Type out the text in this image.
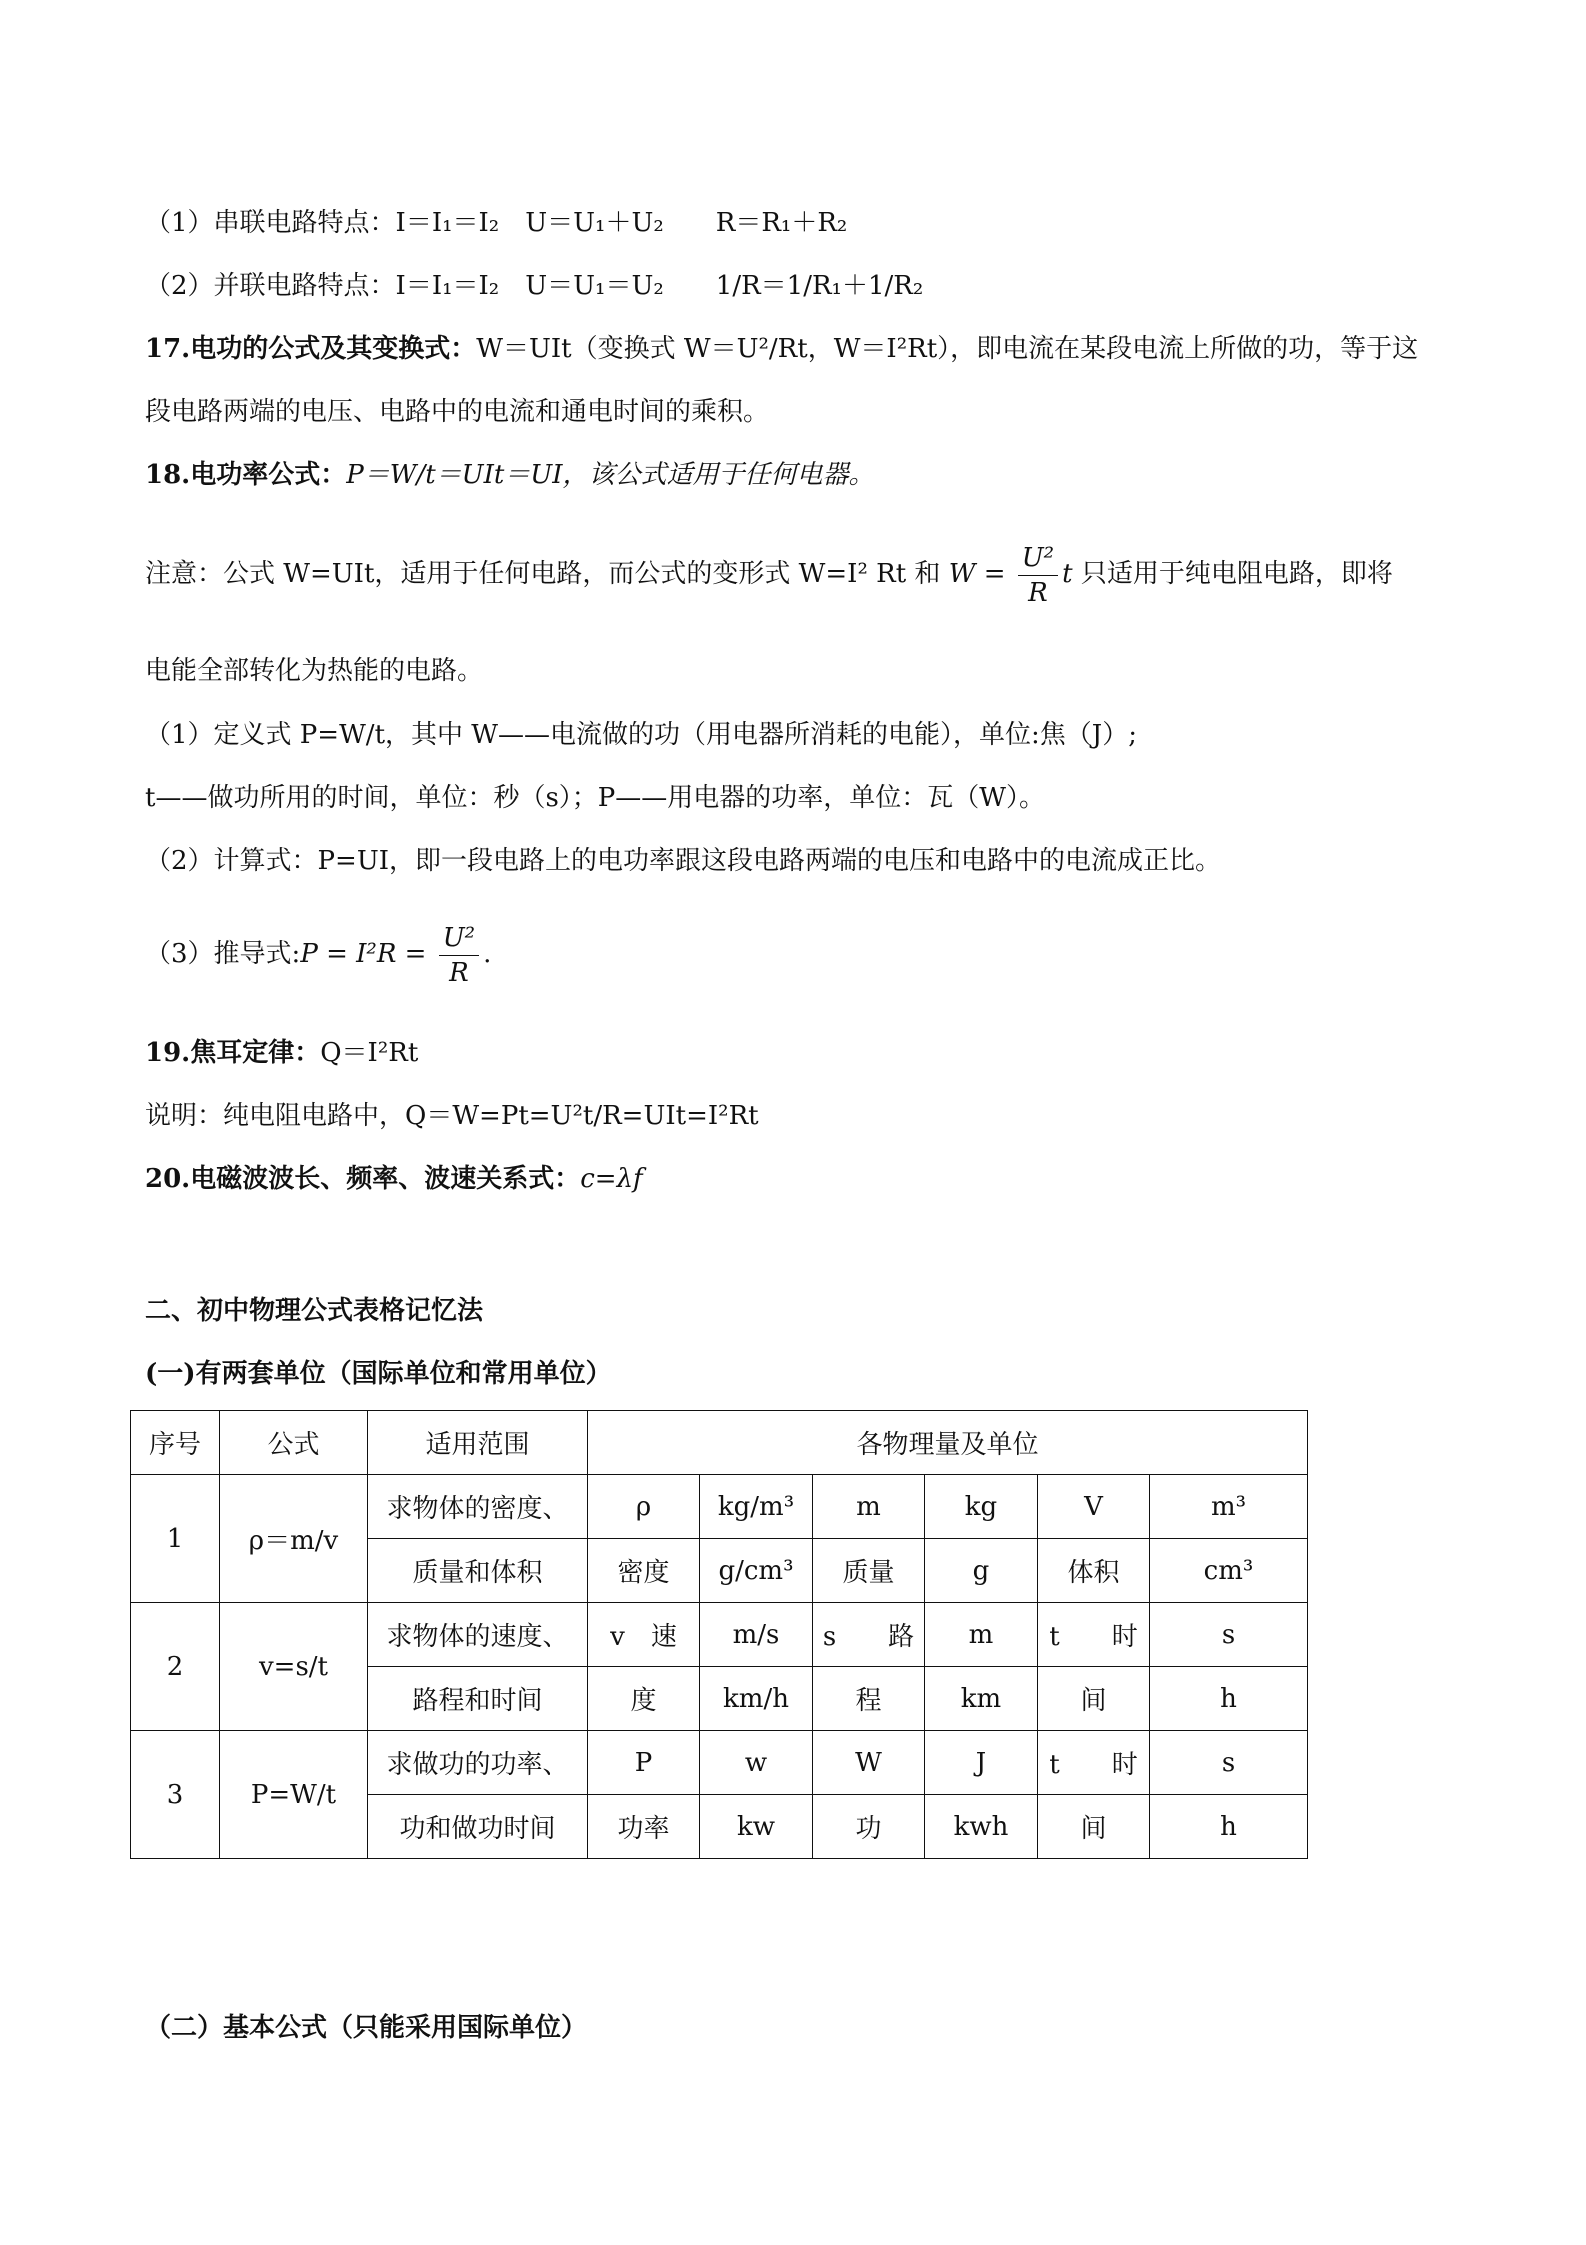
（1）串联电路特点：I＝I₁＝I₂　U＝U₁＋U₂　　R＝R₁＋R₂
（2）并联电路特点：I＝I₁＝I₂　U＝U₁＝U₂　　1/R＝1/R₁＋1/R₂
17.电功的公式及其变换式：W＝UIt（变换式 W＝U²/Rt，W＝I²Rt），即电流在某段电流上所做的功，等于这
段电路两端的电压、电路中的电流和通电时间的乘积。
18.电功率公式：P＝W/t＝UIt＝UI，该公式适用于任何电器。
注意：公式 W=UIt，适用于任何电路，而公式的变形式 W=I² Rt 和 $W = \frac{\text{U²}}{R}$ t 只适用于纯电阻电路，即将
电能全部转化为热能的电路。
（1）定义式 P=W/t，其中 W——电流做的功（用电器所消耗的电能），单位:焦（J）;
t——做功所用的时间，单位：秒（s）；P——用电器的功率，单位：瓦（W）。
（2）计算式：P=UI，即一段电路上的电功率跟这段电路两端的电压和电路中的电流成正比。
（3）推导式:P = $I^2R = \frac{\text{U²}}{R}$ .
19.焦耳定律：Q＝I²Rt
说明：纯电阻电路中，Q＝W=Pt=U²t/R=UIt=I²Rt
20.电磁波波长、频率、波速关系式：c=λf
二、初中物理公式表格记忆法
(一)有两套单位（国际单位和常用单位）
序号	公式	适用范围	各物理量及单位					
1	ρ＝m/v	求物体的密度、	ρ	kg/m³	m	kg	V	m³
		质量和体积	密度	g/cm³	质量	g	体积	cm³
2	v=s/t	求物体的速度、	v　速	m/s	s　　路	m	t　　时	s
		路程和时间	度	km/h	程	km	间	h
3	P=W/t	求做功的功率、	P	w	W	J	t　　时	s
		功和做功时间	功率	kw	功	kwh	间	h
（二）基本公式（只能采用国际单位）
